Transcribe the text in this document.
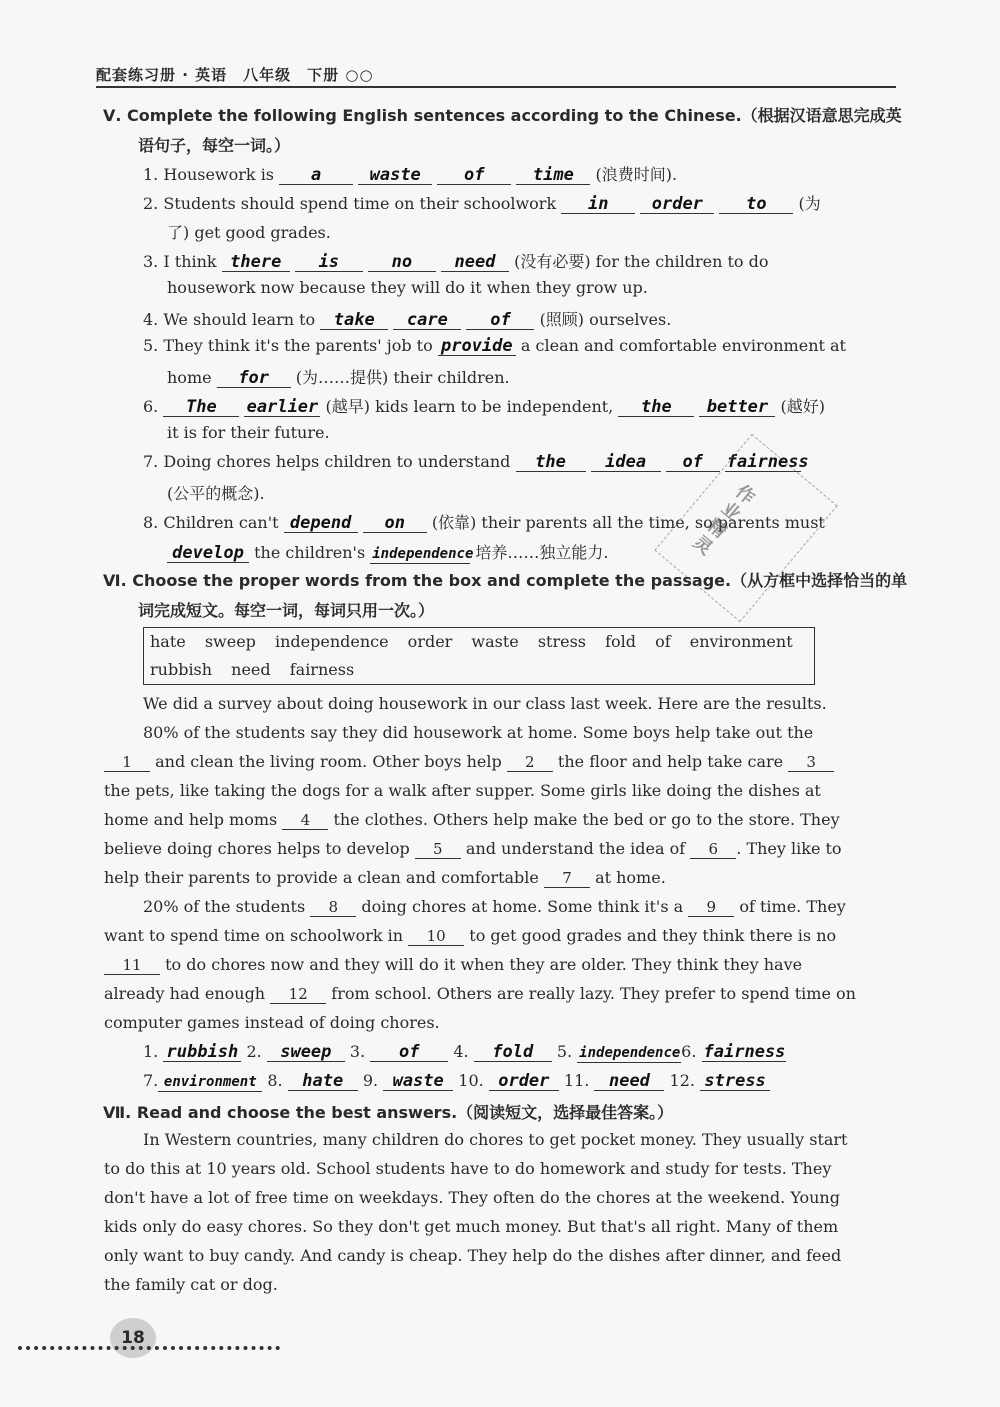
配套练习册 · 英语　八年级　下册 ○○
Ⅴ. Complete the following English sentences according to the Chinese.（根据汉语意思完成英
语句子，每空一词。）
1. Housework is a	waste	of	time (浪费时间).
2. Students should spend time on their schoolwork in	order	to (为
了) get good grades.
3. I think there is	no need (没有必要) for the children to do
housework now because they will do it when they grow up.
4. We should learn to take care of (照顾) ourselves.
5. They think it's the parents' job to provide a clean and comfortable environment at
home for (为……提供) their children.
6. The earlier (越早) kids learn to be independent, the better (越好)
it is for their future.
7. Doing chores helps children to understand the idea of fairness
(公平的概念).
8. Children can't depend on (依靠) their parents all the time, so parents must
develop the children's independence 培养……独立能力.
Ⅵ. Choose the proper words from the box and complete the passage.（从方框中选择恰当的单
词完成短文。每空一词，每词只用一次。）
hate sweep independence order waste stress fold of environment
rubbish need fairness
We did a survey about doing housework in our class last week. Here are the results.
80% of the students say they did housework at home. Some boys help take out the
1 and clean the living room. Other boys help 2 the floor and help take care 3
the pets, like taking the dogs for a walk after supper. Some girls like doing the dishes at
home and help moms 4 the clothes. Others help make the bed or go to the store. They
believe doing chores helps to develop 5 and understand the idea of 6 . They like to
help their parents to provide a clean and comfortable 7 at home.
20% of the students 8 doing chores at home. Some think it's a 9 of time. They
want to spend time on schoolwork in 10 to get good grades and they think there is no
11 to do chores now and they will do it when they are older. They think they have
already had enough 12 from school. Others are really lazy. They prefer to spend time on
computer games instead of doing chores.
1. rubbish 2. sweep 3. of 4. fold 5. independence6. fairness
7. environment 8. hate 9. waste 10. order 11. need 12. stress
Ⅶ. Read and choose the best answers.（阅读短文，选择最佳答案。）
In Western countries, many children do chores to get pocket money. They usually start
to do this at 10 years old. School students have to do homework and study for tests. They
don't have a lot of free time on weekdays. They often do the chores at the weekend. Young
kids only do easy chores. So they don't get much money. But that's all right. Many of them
only want to buy candy. And candy is cheap. They help do the dishes after dinner, and feed
the family cat or dog.
作业精灵
18
